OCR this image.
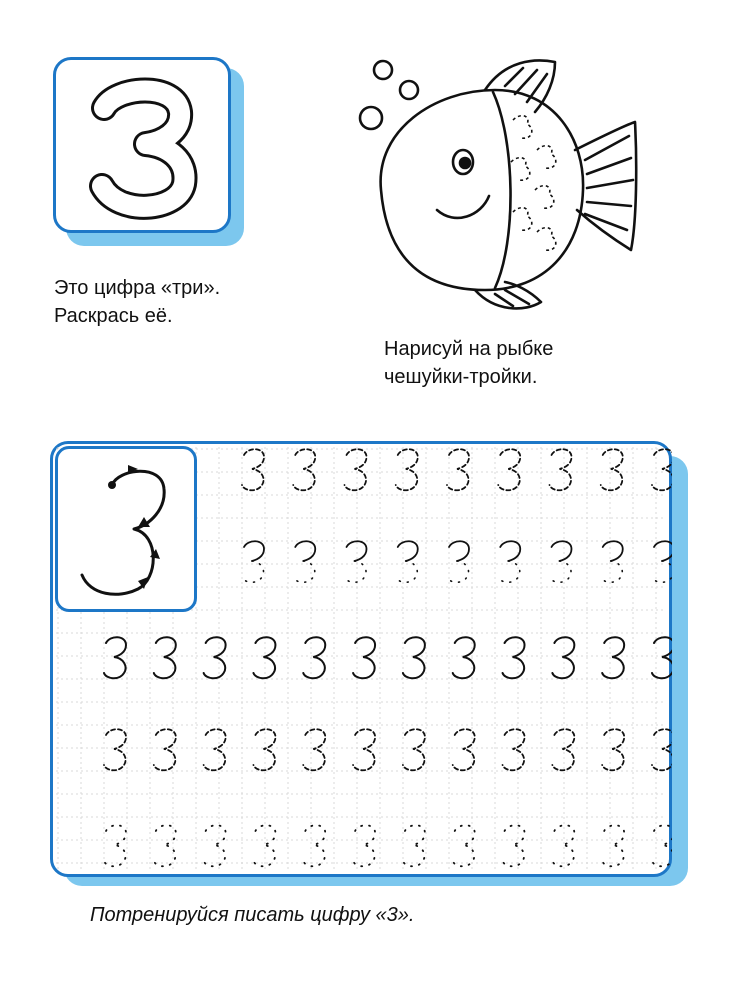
Это цифра «три».
Раскрась её.
Нарисуй на рыбке
чешуйки-тройки.
Потренируйся писать цифру «3».
